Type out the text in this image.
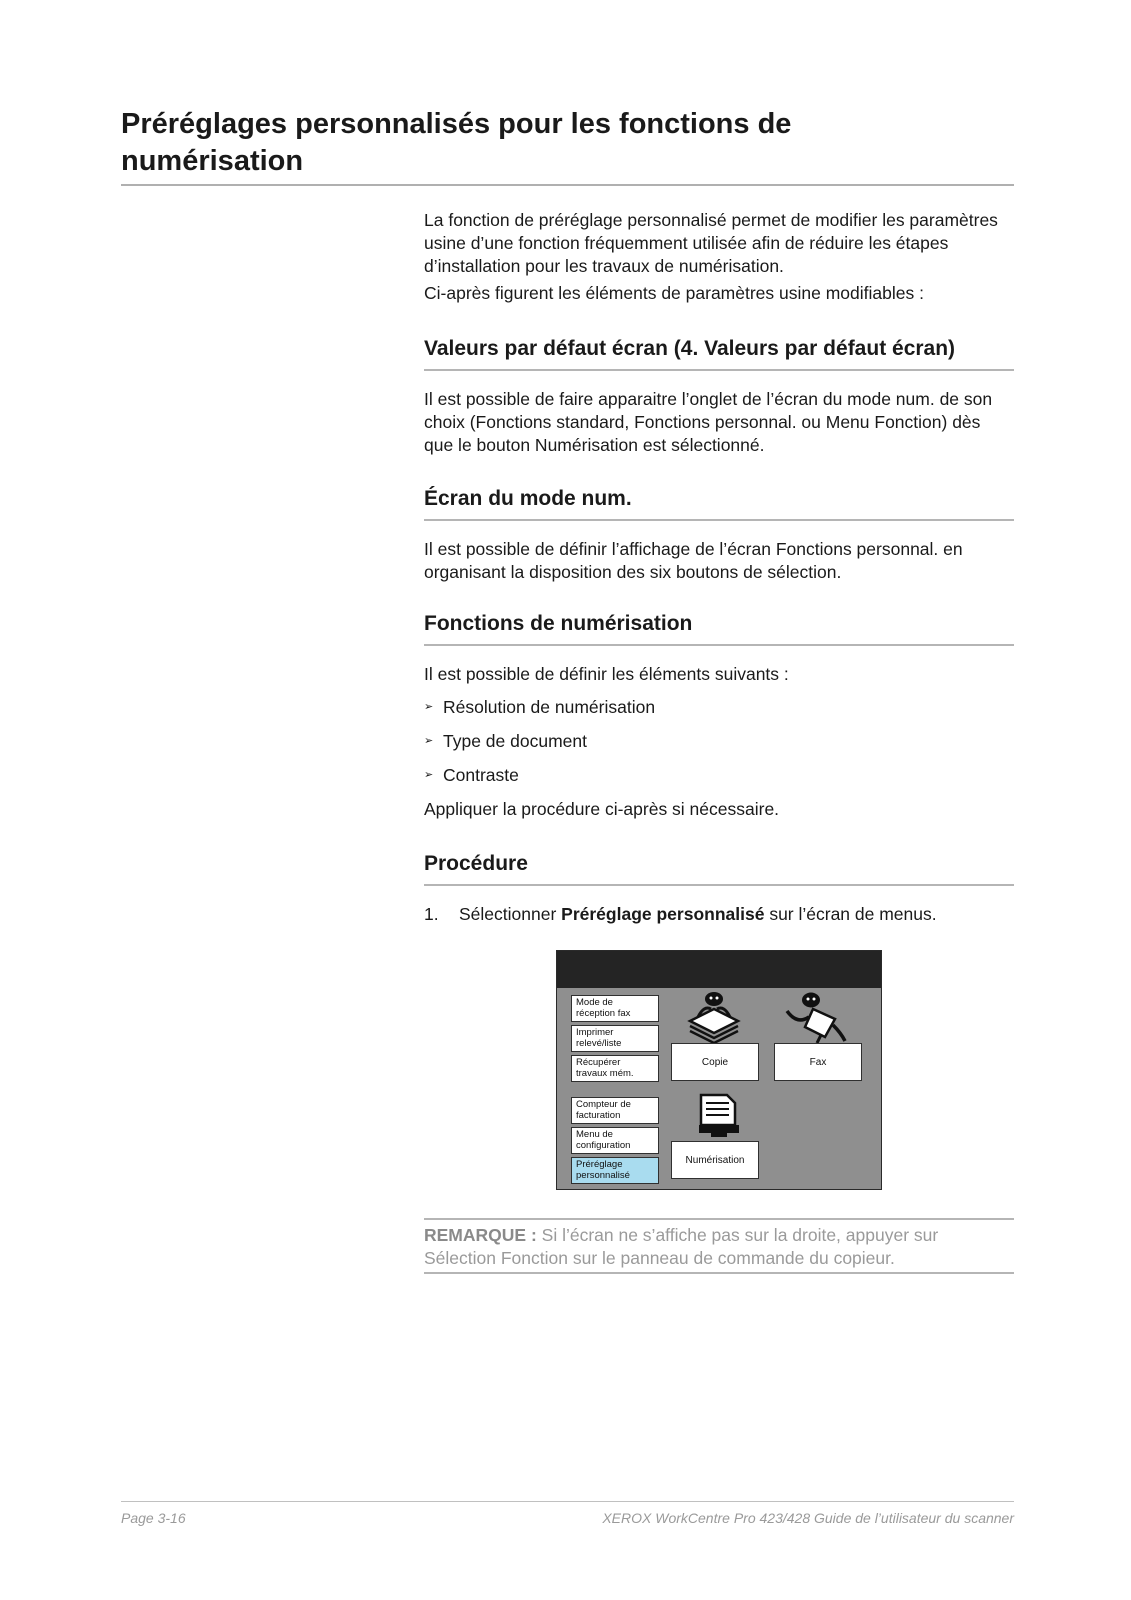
Préréglages personnalisés pour les fonctions de numérisation

La fonction de préréglage personnalisé permet de modifier les paramètres usine d’une fonction fréquemment utilisée afin de réduire les étapes d’installation pour les travaux de numérisation.

Ci-après figurent les éléments de paramètres usine modifiables :

Valeurs par défaut écran (4. Valeurs par défaut écran)

Il est possible de faire apparaitre l’onglet de l’écran du mode num. de son choix (Fonctions standard, Fonctions personnal. ou Menu Fonction) dès que le bouton Numérisation est sélectionné.

Écran du mode num.

Il est possible de définir l’affichage de l’écran Fonctions personnal. en organisant la disposition des six boutons de sélection.

Fonctions de numérisation

Il est possible de définir les éléments suivants :

➢ Résolution de numérisation

➢ Type de document

➢ Contraste

Appliquer la procédure ci-après si nécessaire.

Procédure

1. Sélectionner Préréglage personnalisé sur l’écran de menus.

Mode de réception fax
Imprimer relevé/liste
Récupérer travaux mém.
Compteur de facturation
Menu de configuration
Préréglage personnalisé
Copie	Fax
Numérisation
REMARQUE : Si l’écran ne s’affiche pas sur la droite, appuyer sur Sélection Fonction sur le panneau de commande du copieur.
Page 3-16	XEROX WorkCentre Pro 423/428 Guide de l’utilisateur du scanner
